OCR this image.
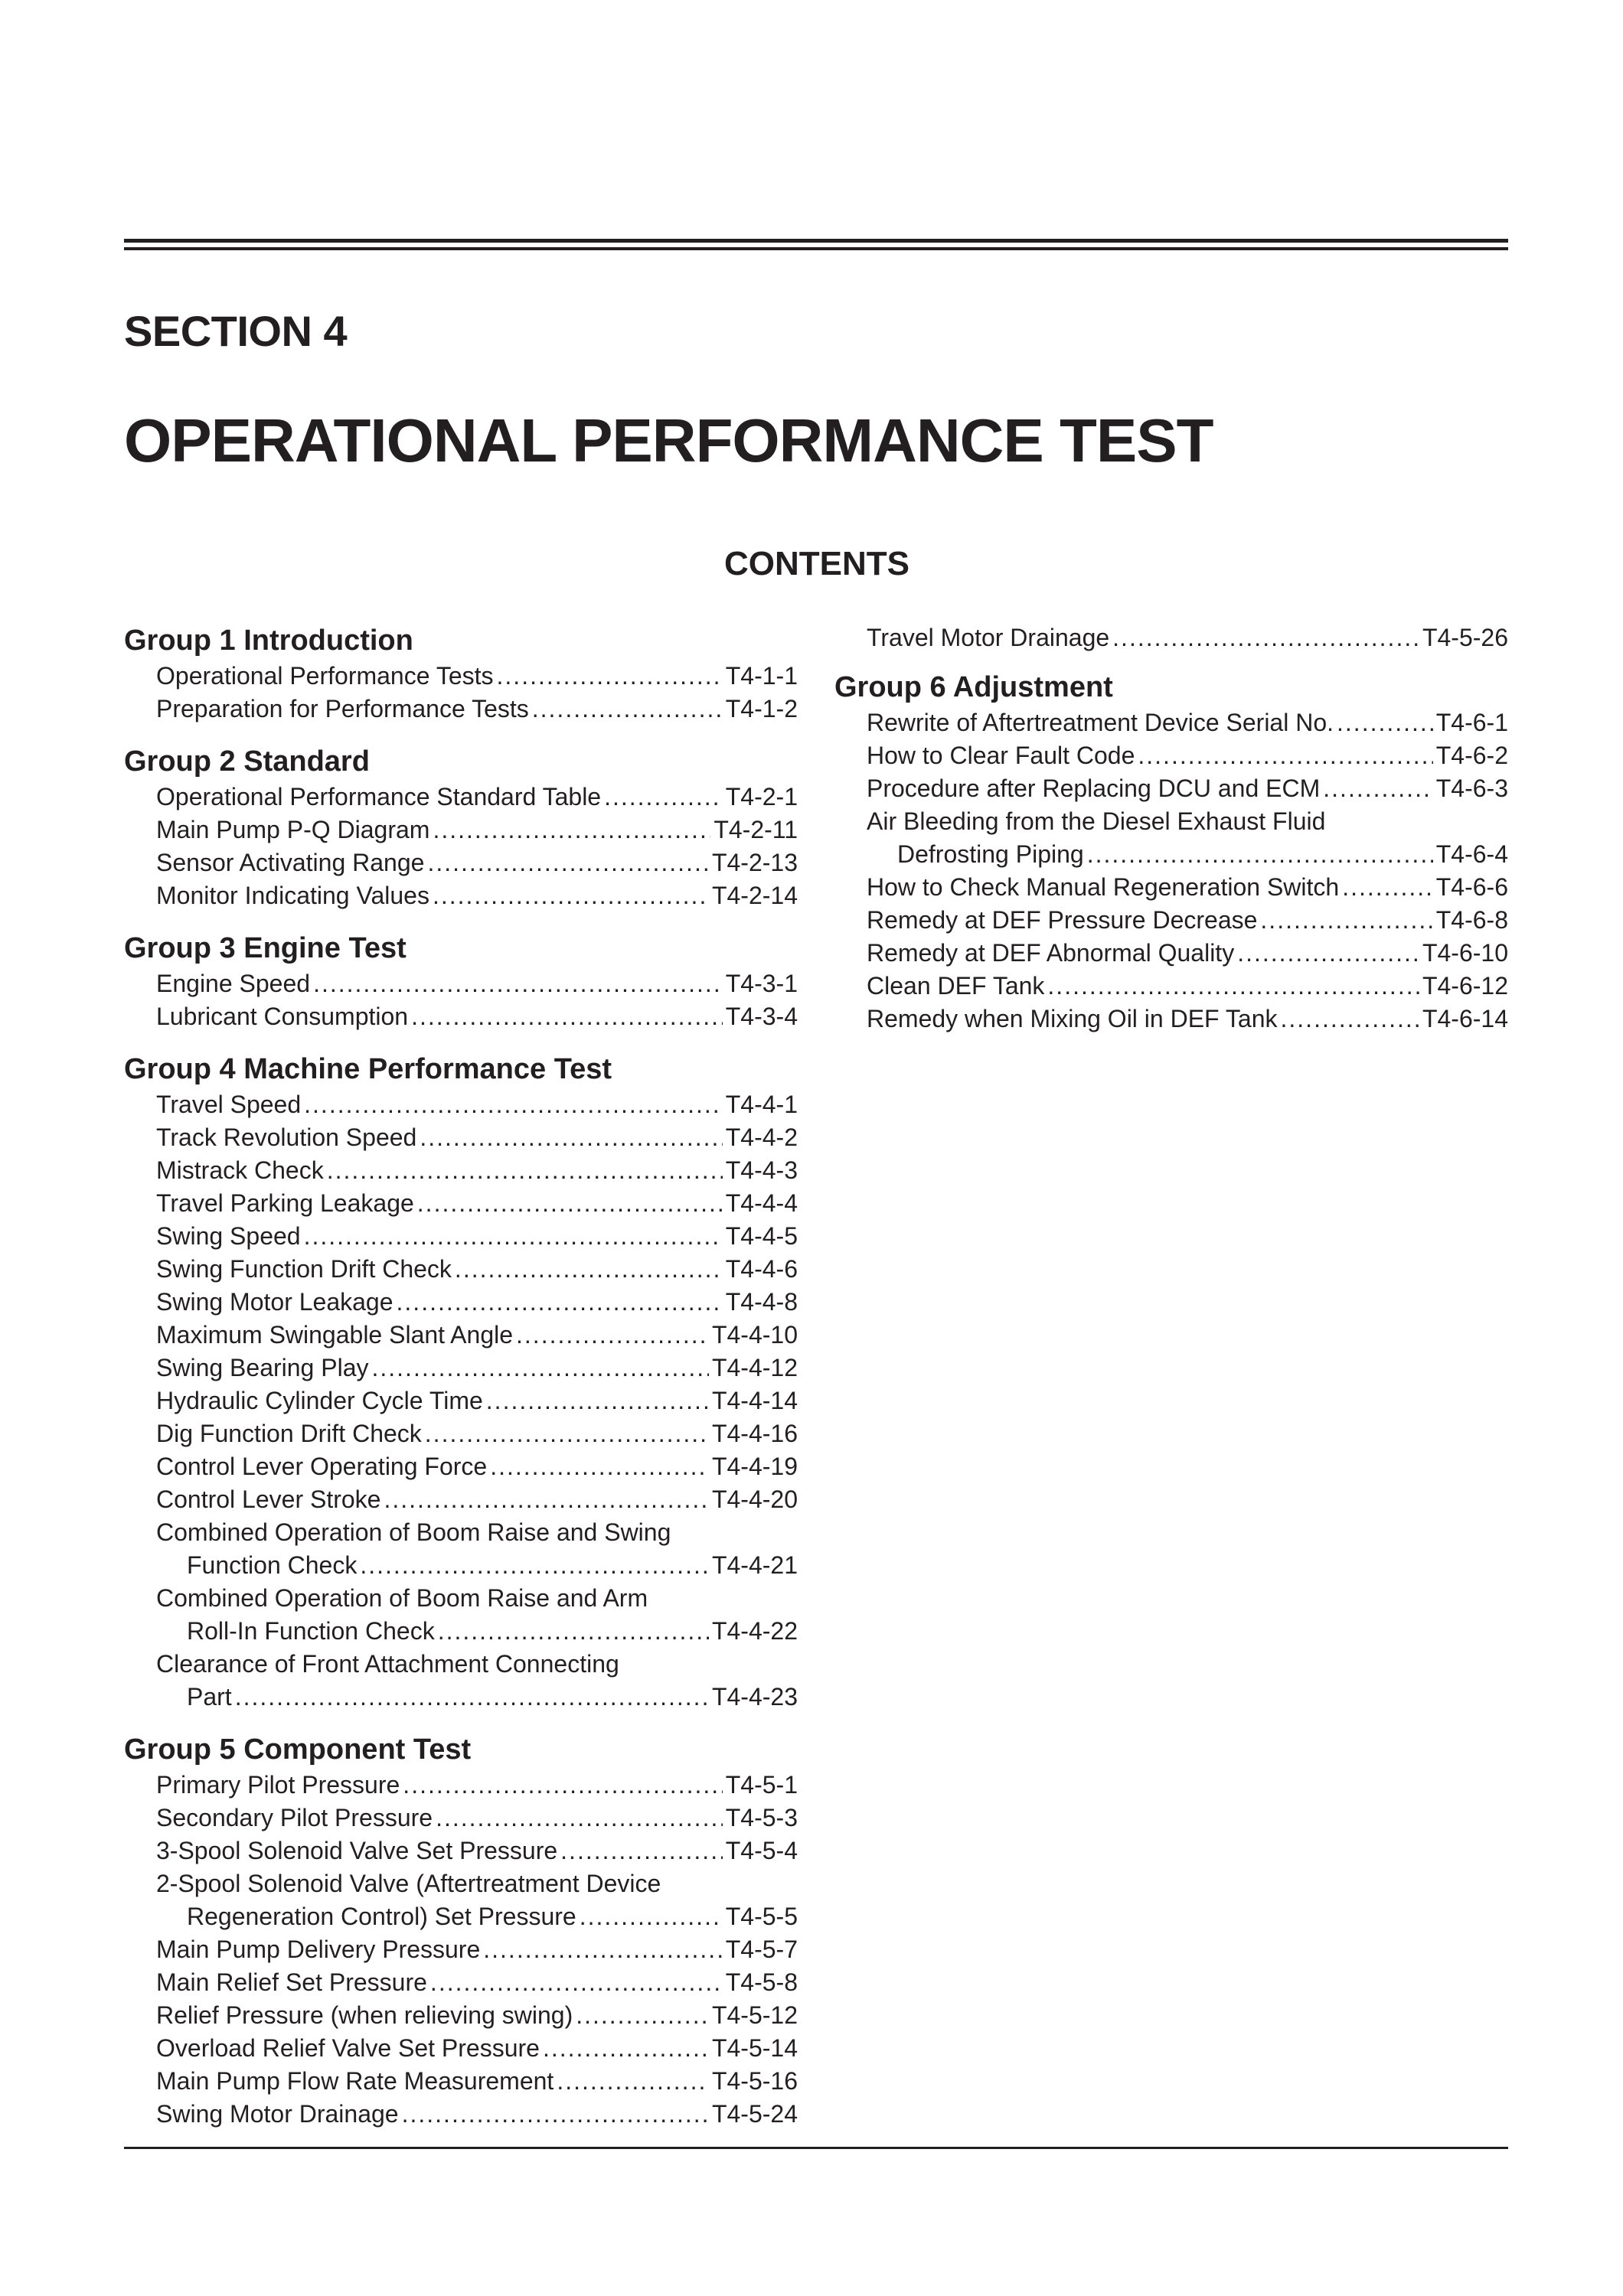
SECTION 4
OPERATIONAL PERFORMANCE TEST
CONTENTS
Group 1 Introduction
Operational Performance Tests .....	T4-1-1
Preparation for Performance Tests .....	T4-1-2
Group 2 Standard
Operational Performance Standard Table .....	T4-2-1
Main Pump P-Q Diagram .....	T4-2-11
Sensor Activating Range .....	T4-2-13
Monitor Indicating Values .....	T4-2-14
Group 3 Engine Test
Engine Speed .....	T4-3-1
Lubricant Consumption .....	T4-3-4
Group 4 Machine Performance Test
Travel Speed .....	T4-4-1
Track Revolution Speed .....	T4-4-2
Mistrack Check .....	T4-4-3
Travel Parking Leakage .....	T4-4-4
Swing Speed .....	T4-4-5
Swing Function Drift Check .....	T4-4-6
Swing Motor Leakage .....	T4-4-8
Maximum Swingable Slant Angle .....	T4-4-10
Swing Bearing Play .....	T4-4-12
Hydraulic Cylinder Cycle Time .....	T4-4-14
Dig Function Drift Check .....	T4-4-16
Control Lever Operating Force .....	T4-4-19
Control Lever Stroke .....	T4-4-20
Combined Operation of Boom Raise and Swing
Function Check .....	T4-4-21
Combined Operation of Boom Raise and Arm
Roll-In Function Check .....	T4-4-22
Clearance of Front Attachment Connecting
Part .....	T4-4-23
Group 5 Component Test
Primary Pilot Pressure .....	T4-5-1
Secondary Pilot Pressure .....	T4-5-3
3-Spool Solenoid Valve Set Pressure .....	T4-5-4
2-Spool Solenoid Valve (Aftertreatment Device
Regeneration Control) Set Pressure .....	T4-5-5
Main Pump Delivery Pressure .....	T4-5-7
Main Relief Set Pressure .....	T4-5-8
Relief Pressure (when relieving swing) .....	T4-5-12
Overload Relief Valve Set Pressure .....	T4-5-14
Main Pump Flow Rate Measurement .....	T4-5-16
Swing Motor Drainage .....	T4-5-24
Travel Motor Drainage .....	T4-5-26
Group 6 Adjustment
Rewrite of Aftertreatment Device Serial No. .....	T4-6-1
How to Clear Fault Code .....	T4-6-2
Procedure after Replacing DCU and ECM .....	T4-6-3
Air Bleeding from the Diesel Exhaust Fluid
Defrosting Piping .....	T4-6-4
How to Check Manual Regeneration Switch .....	T4-6-6
Remedy at DEF Pressure Decrease .....	T4-6-8
Remedy at DEF Abnormal Quality .....	T4-6-10
Clean DEF Tank .....	T4-6-12
Remedy when Mixing Oil in DEF Tank .....	T4-6-14
